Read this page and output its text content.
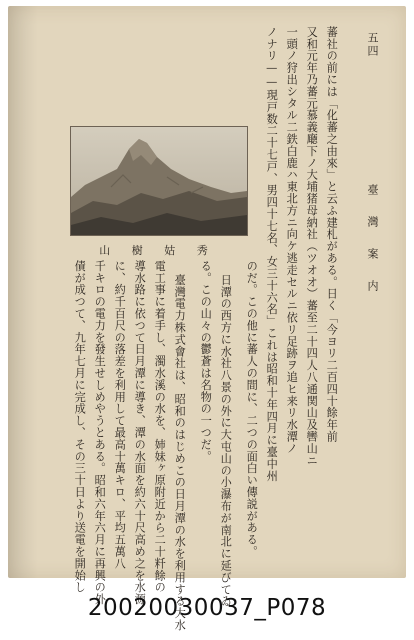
臺 灣 案 内
五四
蕃社の前には「化蕃之由來」と云ふ建札がある。日く「今ヨリ二百四十餘年前
又和元年乃蕃元慕義廰下ノ大埔猪母納社（ツオオ）蕃至二十四人八通関山及轡山ニ
一頭ノ狩出シタル二鉄白鹿ハ東北方ニ向ケ逃走セルニ依リ足跡ヲ追ヒ来リ水潭ノ
ノナリ——現戸数二十七戸、男四十七名、女三十六名」これは昭和十年四月に臺中州
のだ。この他に蕃人の間に、二つの面白い傳説がある。
日潭の西方に水社八景の外に大屯山の小瀑布が南北に延びてゐ
る。この山々の鬱蒼は名物の一つだ。
臺灣電力株式會社は、昭和のはじめこの日月潭の水を利用する大水
電工事に着手し、濁水溪の水を、姉妹ヶ原附近から二十粁餘の
導水路に依つて日月潭に導き、潭の水面を約六十尺高め之を水源
に、約千百尺の落差を利用して最高十萬キロ、平均五萬八
千キロの電力を發生せしめやうとある。昭和六年六月に再興の外
債が成つて、九年七月に完成し、その三十日より送電を開始し
山 樹 姑 秀
20020030037_P078
